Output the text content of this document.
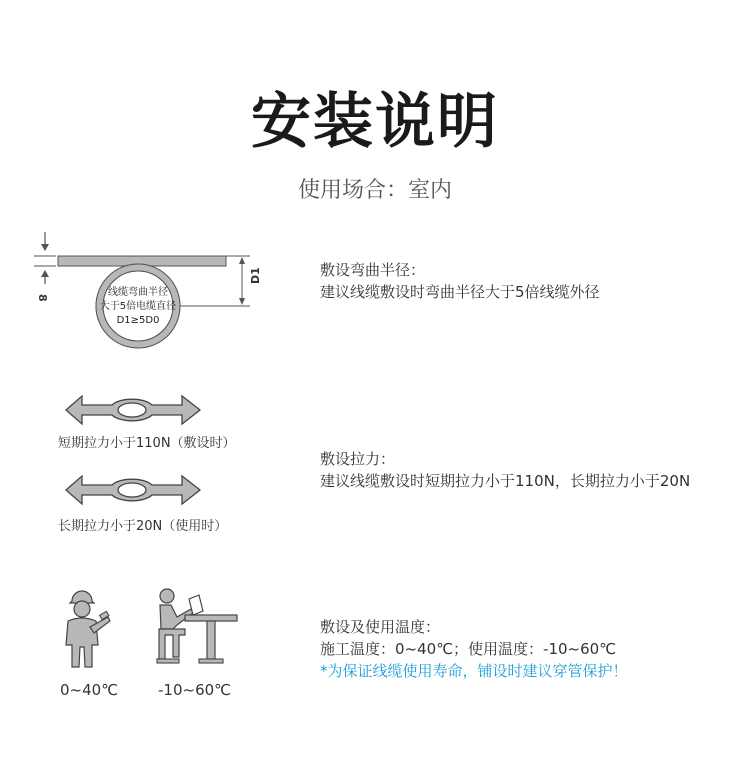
安装说明
使用场合：室内
8	线缆弯曲半径
大于5倍电缆直径
D1≥5D0
D1	敷设弯曲半径：
建议线缆敷设时弯曲半径大于5倍线缆外径
短期拉力小于110N（敷设时）
长期拉力小于20N（使用时）
敷设拉力：
建议线缆敷设时短期拉力小于110N，长期拉力小于20N
0~40℃	-10~60℃
敷设及使用温度：
施工温度：0~40℃；使用温度：-10~60℃
*为保证线缆使用寿命，铺设时建议穿管保护！
